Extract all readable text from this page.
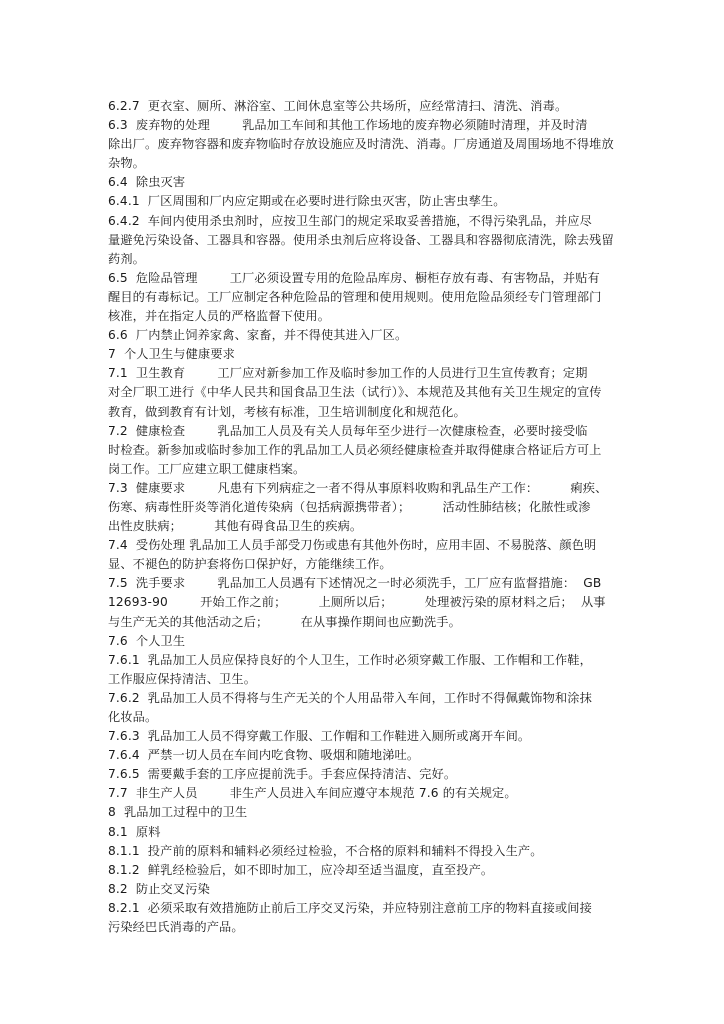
6.2.7  更衣室、厕所、淋浴室、工间休息室等公共场所，应经常清扫、清洗、消毒。
6.3  废弃物的处理        乳品加工车间和其他工作场地的废弃物必须随时清理，并及时清
除出厂。废弃物容器和废弃物临时存放设施应及时清洗、消毒。厂房通道及周围场地不得堆放
杂物。
6.4  除虫灭害
6.4.1  厂区周围和厂内应定期或在必要时进行除虫灭害，防止害虫孳生。
6.4.2  车间内使用杀虫剂时，应按卫生部门的规定采取妥善措施，不得污染乳品，并应尽
量避免污染设备、工器具和容器。使用杀虫剂后应将设备、工器具和容器彻底清洗，除去残留
药剂。
6.5  危险品管理        工厂必须设置专用的危险品库房、橱柜存放有毒、有害物品，并贴有
醒目的有毒标记。工厂应制定各种危险品的管理和使用规则。使用危险品须经专门管理部门
核准，并在指定人员的严格监督下使用。
6.6  厂内禁止饲养家禽、家畜，并不得使其进入厂区。
7  个人卫生与健康要求
7.1  卫生教育        工厂应对新参加工作及临时参加工作的人员进行卫生宣传教育；定期
对全厂职工进行《中华人民共和国食品卫生法（试行）》、本规范及其他有关卫生规定的宣传
教育，做到教育有计划，考核有标准，卫生培训制度化和规范化。
7.2  健康检查        乳品加工人员及有关人员每年至少进行一次健康检查，必要时接受临
时检查。新参加或临时参加工作的乳品加工人员必须经健康检查并取得健康合格证后方可上
岗工作。工厂应建立职工健康档案。
7.3  健康要求        凡患有下列病症之一者不得从事原料收购和乳品生产工作：        痢疾、
伤寒、病毒性肝炎等消化道传染病（包括病源携带者）；        活动性肺结核；化脓性或渗
出性皮肤病；        其他有碍食品卫生的疾病。
7.4  受伤处理 乳品加工人员手部受刀伤或患有其他外伤时，应用丰固、不易脱落、颜色明
显、不褪色的防护套将伤口保护好，方能继续工作。
7.5  洗手要求        乳品加工人员遇有下述情况之一时必须洗手，工厂应有监督措施：  GB
12693-90        开始工作之前；        上厕所以后；        处理被污染的原材料之后；  从事
与生产无关的其他活动之后；        在从事操作期间也应勤洗手。
7.6  个人卫生
7.6.1  乳品加工人员应保持良好的个人卫生，工作时必须穿戴工作服、工作帽和工作鞋，
工作服应保持清洁、卫生。
7.6.2  乳品加工人员不得将与生产无关的个人用品带入车间，工作时不得佩戴饰物和涂抹
化妆品。
7.6.3  乳品加工人员不得穿戴工作服、工作帽和工作鞋进入厕所或离开车间。
7.6.4  严禁一切人员在车间内吃食物、吸烟和随地涕吐。
7.6.5  需要戴手套的工序应提前洗手。手套应保持清洁、完好。
7.7  非生产人员        非生产人员进入车间应遵守本规范 7.6 的有关规定。
8  乳品加工过程中的卫生
8.1  原料
8.1.1  投产前的原料和辅料必须经过检验，不合格的原料和辅料不得投入生产。
8.1.2  鲜乳经检验后，如不即时加工，应冷却至适当温度，直至投产。
8.2  防止交叉污染
8.2.1  必须采取有效措施防止前后工序交叉污染，并应特别注意前工序的物料直接或间接
污染经巴氏消毒的产品。
